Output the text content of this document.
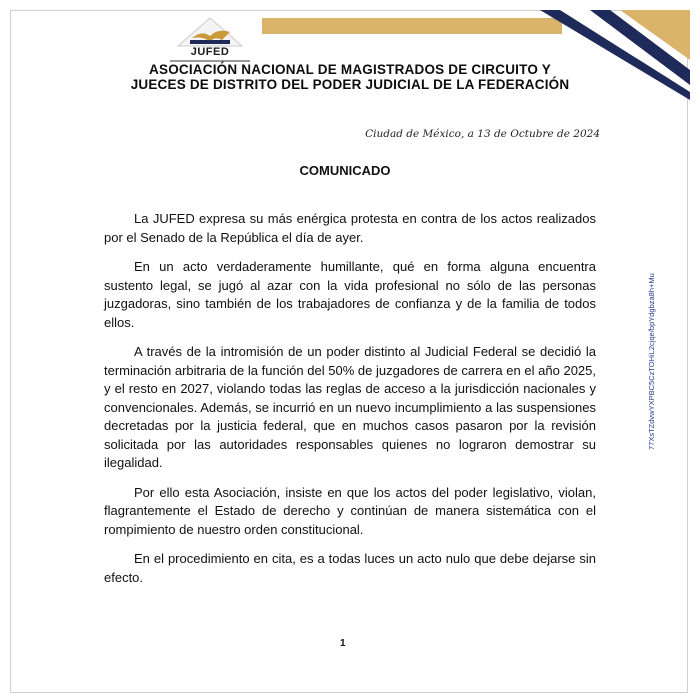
JUFED
ASOCIACIÓN NACIONAL DE MAGISTRADOS DE CIRCUITO Y
JUECES DE DISTRITO DEL PODER JUDICIAL DE LA FEDERACIÓN
Ciudad de México, a 13 de Octubre de 2024
COMUNICADO

La JUFED expresa su más enérgica protesta en contra de los actos realizados por el Senado de la República el día de ayer.

En un acto verdaderamente humillante, qué en forma alguna encuentra sustento legal, se jugó al azar con la vida profesional no sólo de las personas juzgadoras, sino también de los trabajadores de confianza y de la familia de todos ellos.

A través de la intromisión de un poder distinto al Judicial Federal se decidió la terminación arbitraria de la función del 50% de juzgadores de carrera en el año 2025, y el resto en 2027, violando todas las reglas de acceso a la jurisdicción nacionales y convencionales. Además, se incurrió en un nuevo incumplimiento a las suspensiones decretadas por la justicia federal, que en muchos casos pasaron por la revisión solicitada por las autoridades responsables quienes no lograron demostrar su ilegalidad.

Por ello esta Asociación, insiste en que los actos del poder legislativo, violan, flagrantemente el Estado de derecho y continúan de manera sistemática con el rompimiento de nuestro orden constitucional.

En el procedimiento en cita, es a todas luces un acto nulo que debe dejarse sin efecto.

1
77XsTZdvwYXPBC5CzTOHiL2cjqe/bpYdgbza8h+Mu
